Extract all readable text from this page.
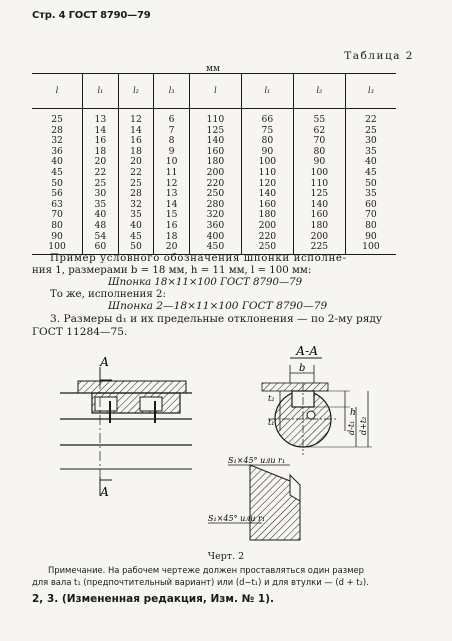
Стр. 4 ГОСТ 8790—79
Таблица 2
мм
l	l₁	l₂	l₃	l	l₁	l₂	l₃
25	13	12	6	110	66	55	22
28	14	14	7	125	75	62	25
32	16	16	8	140	80	70	30
36	18	18	9	160	90	80	35
40	20	20	10	180	100	90	40
45	22	22	11	200	110	100	45
50	25	25	12	220	120	110	50
56	30	28	13	250	140	125	35
63	35	32	14	280	160	140	60
70	40	35	15	320	180	160	70
80	48	40	16	360	200	180	80
90	54	45	18	400	220	200	90
100	60	50	20	450	250	225	100
Пример условного обозначения шпонки исполне-
ния 1, размерами b = 18 мм, h = 11 мм, l = 100 мм:
Шпонка 18×11×100 ГОСТ 8790—79
То же, исполнения 2:
Шпонка 2—18×11×100 ГОСТ 8790—79
3. Размеры d₁ и их предельные отклонения — по 2-му ряду
ГОСТ 11284—75.
А
А
А-А
b
t₂
t₁
h
d-t₁ d+t₂
S₁×45° или r₁
S₁×45° или r₁
Черт. 2
Примечание. На рабочем чертеже должен проставляться один размер
для вала t₁ (предпочтительный вариант) или (d−t₁) и для втулки — (d + t₂).
2, 3. (Измененная редакция, Изм. № 1).
